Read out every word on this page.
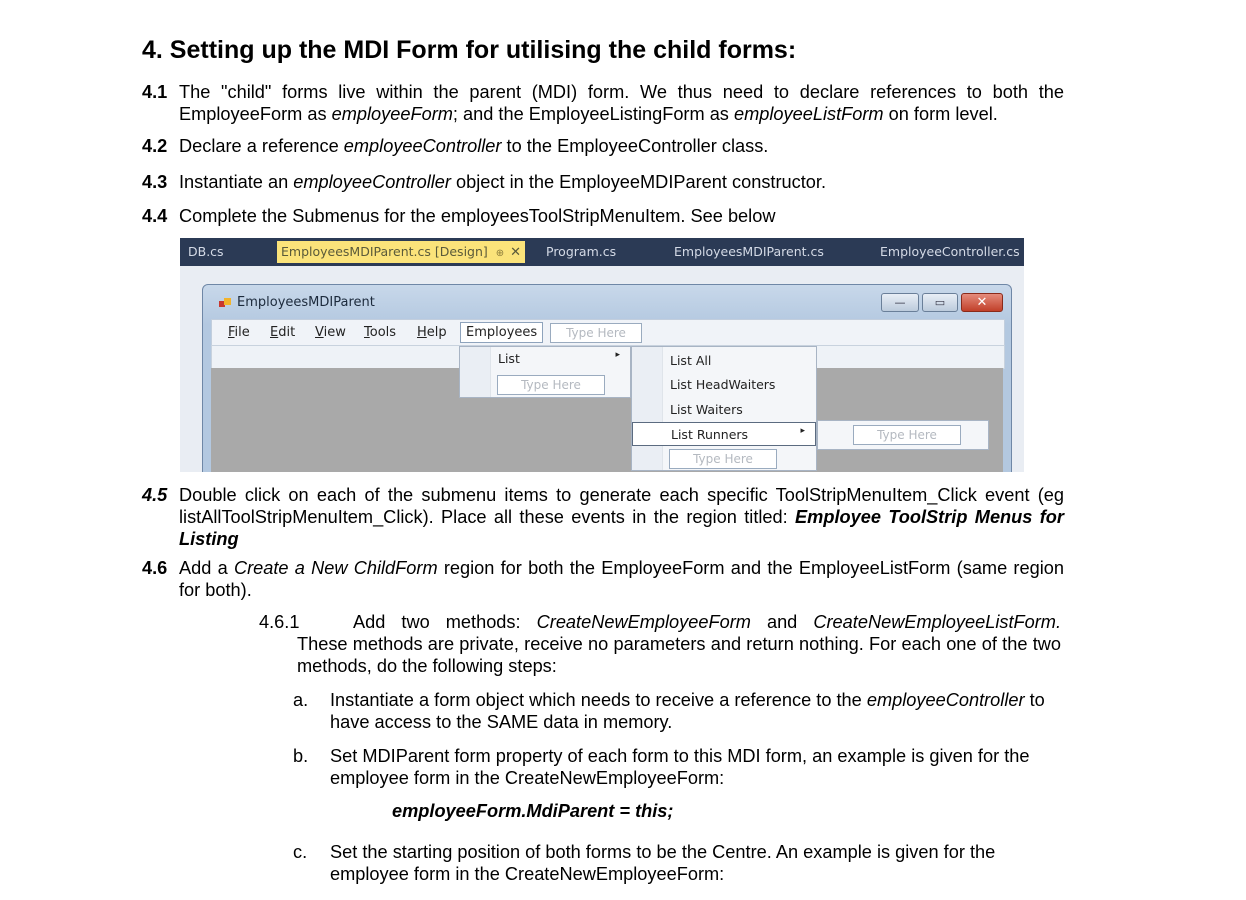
4. Setting up the MDI Form for utilising the child forms:
4.1 The "child" forms live within the parent (MDI) form. We thus need to declare references to both the EmployeeForm as employeeForm; and the EmployeeListingForm as employeeListForm on form level.
4.2 Declare a reference employeeController to the EmployeeController class.
4.3 Instantiate an employeeController object in the EmployeeMDIParent constructor.
4.4 Complete the Submenus for the employeesToolStripMenuItem. See below
DB.cs	EmployeesMDIParent.cs [Design] ⊕ ✕	Program.cs	EmployeesMDIParent.cs	EmployeeController.cs
EmployeesMDIParent	—	▭	✕
File Edit View Tools Help	Employees	Type Here
List	▸
Type Here
List All
List HeadWaiters
List Waiters
List Runners	▸
Type Here
Type Here
4.5 Double click on each of the submenu items to generate each specific ToolStripMenuItem_Click event (eg listAllToolStripMenuItem_Click). Place all these events in the region titled: Employee ToolStrip Menus for Listing
4.6 Add a Create a New ChildForm region for both the EmployeeForm and the EmployeeListForm (same region for both).
4.6.1	Add two methods: CreateNewEmployeeForm and CreateNewEmployeeListForm. These methods are private, receive no parameters and return nothing. For each one of the two methods, do the following steps:
a. Instantiate a form object which needs to receive a reference to the employeeController to have access to the SAME data in memory.
b. Set MDIParent form property of each form to this MDI form, an example is given for the employee form in the CreateNewEmployeeForm:
employeeForm.MdiParent = this;
c. Set the starting position of both forms to be the Centre. An example is given for the employee form in the CreateNewEmployeeForm:
